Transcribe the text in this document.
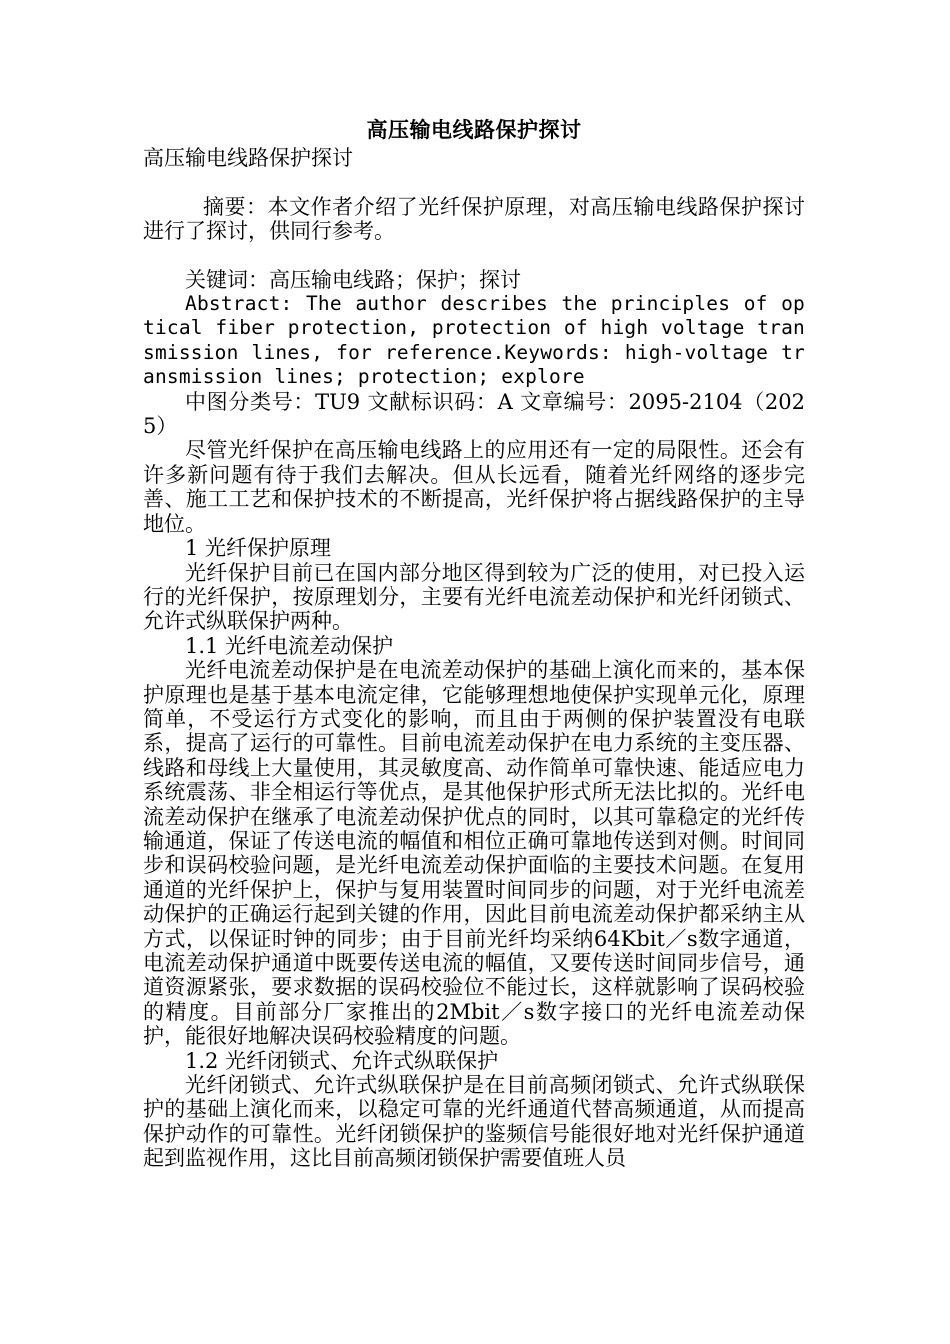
高压输电线路保护探讨

高压输电线路保护探讨

摘要：本文作者介绍了光纤保护原理，对高压输电线路保护探讨进行了探讨，供同行参考。

关键词：高压输电线路；保护；探讨

Abstract: The author describes the principles of optical fiber protection, protection of high voltage transmission lines, for reference.Keywords: high-voltage transmission lines; protection; explore

中图分类号：TU9 文献标识码：A 文章编号：2095-2104（2025）

尽管光纤保护在高压输电线路上的应用还有一定的局限性。还会有许多新问题有待于我们去解决。但从长远看，随着光纤网络的逐步完善、施工工艺和保护技术的不断提高，光纤保护将占据线路保护的主导地位。

1 光纤保护原理

光纤保护目前已在国内部分地区得到较为广泛的使用，对已投入运行的光纤保护，按原理划分，主要有光纤电流差动保护和光纤闭锁式、允许式纵联保护两种。

1.1 光纤电流差动保护

光纤电流差动保护是在电流差动保护的基础上演化而来的，基本保护原理也是基于基本电流定律，它能够理想地使保护实现单元化，原理简单，不受运行方式变化的影响，而且由于两侧的保护装置没有电联系，提高了运行的可靠性。目前电流差动保护在电力系统的主变压器、线路和母线上大量使用，其灵敏度高、动作简单可靠快速、能适应电力系统震荡、非全相运行等优点，是其他保护形式所无法比拟的。光纤电流差动保护在继承了电流差动保护优点的同时，以其可靠稳定的光纤传输通道，保证了传送电流的幅值和相位正确可靠地传送到对侧。时间同步和误码校验问题，是光纤电流差动保护面临的主要技术问题。在复用通道的光纤保护上，保护与复用装置时间同步的问题，对于光纤电流差动保护的正确运行起到关键的作用，因此目前电流差动保护都采纳主从方式，以保证时钟的同步；由于目前光纤均采纳64Kbit／s数字通道，电流差动保护通道中既要传送电流的幅值，又要传送时间同步信号，通道资源紧张，要求数据的误码校验位不能过长，这样就影响了误码校验的精度。目前部分厂家推出的2Mbit／s数字接口的光纤电流差动保护，能很好地解决误码校验精度的问题。

1.2 光纤闭锁式、允许式纵联保护

光纤闭锁式、允许式纵联保护是在目前高频闭锁式、允许式纵联保护的基础上演化而来，以稳定可靠的光纤通道代替高频通道，从而提高保护动作的可靠性。光纤闭锁保护的鉴频信号能很好地对光纤保护通道起到监视作用，这比目前高频闭锁保护需要值班人员
